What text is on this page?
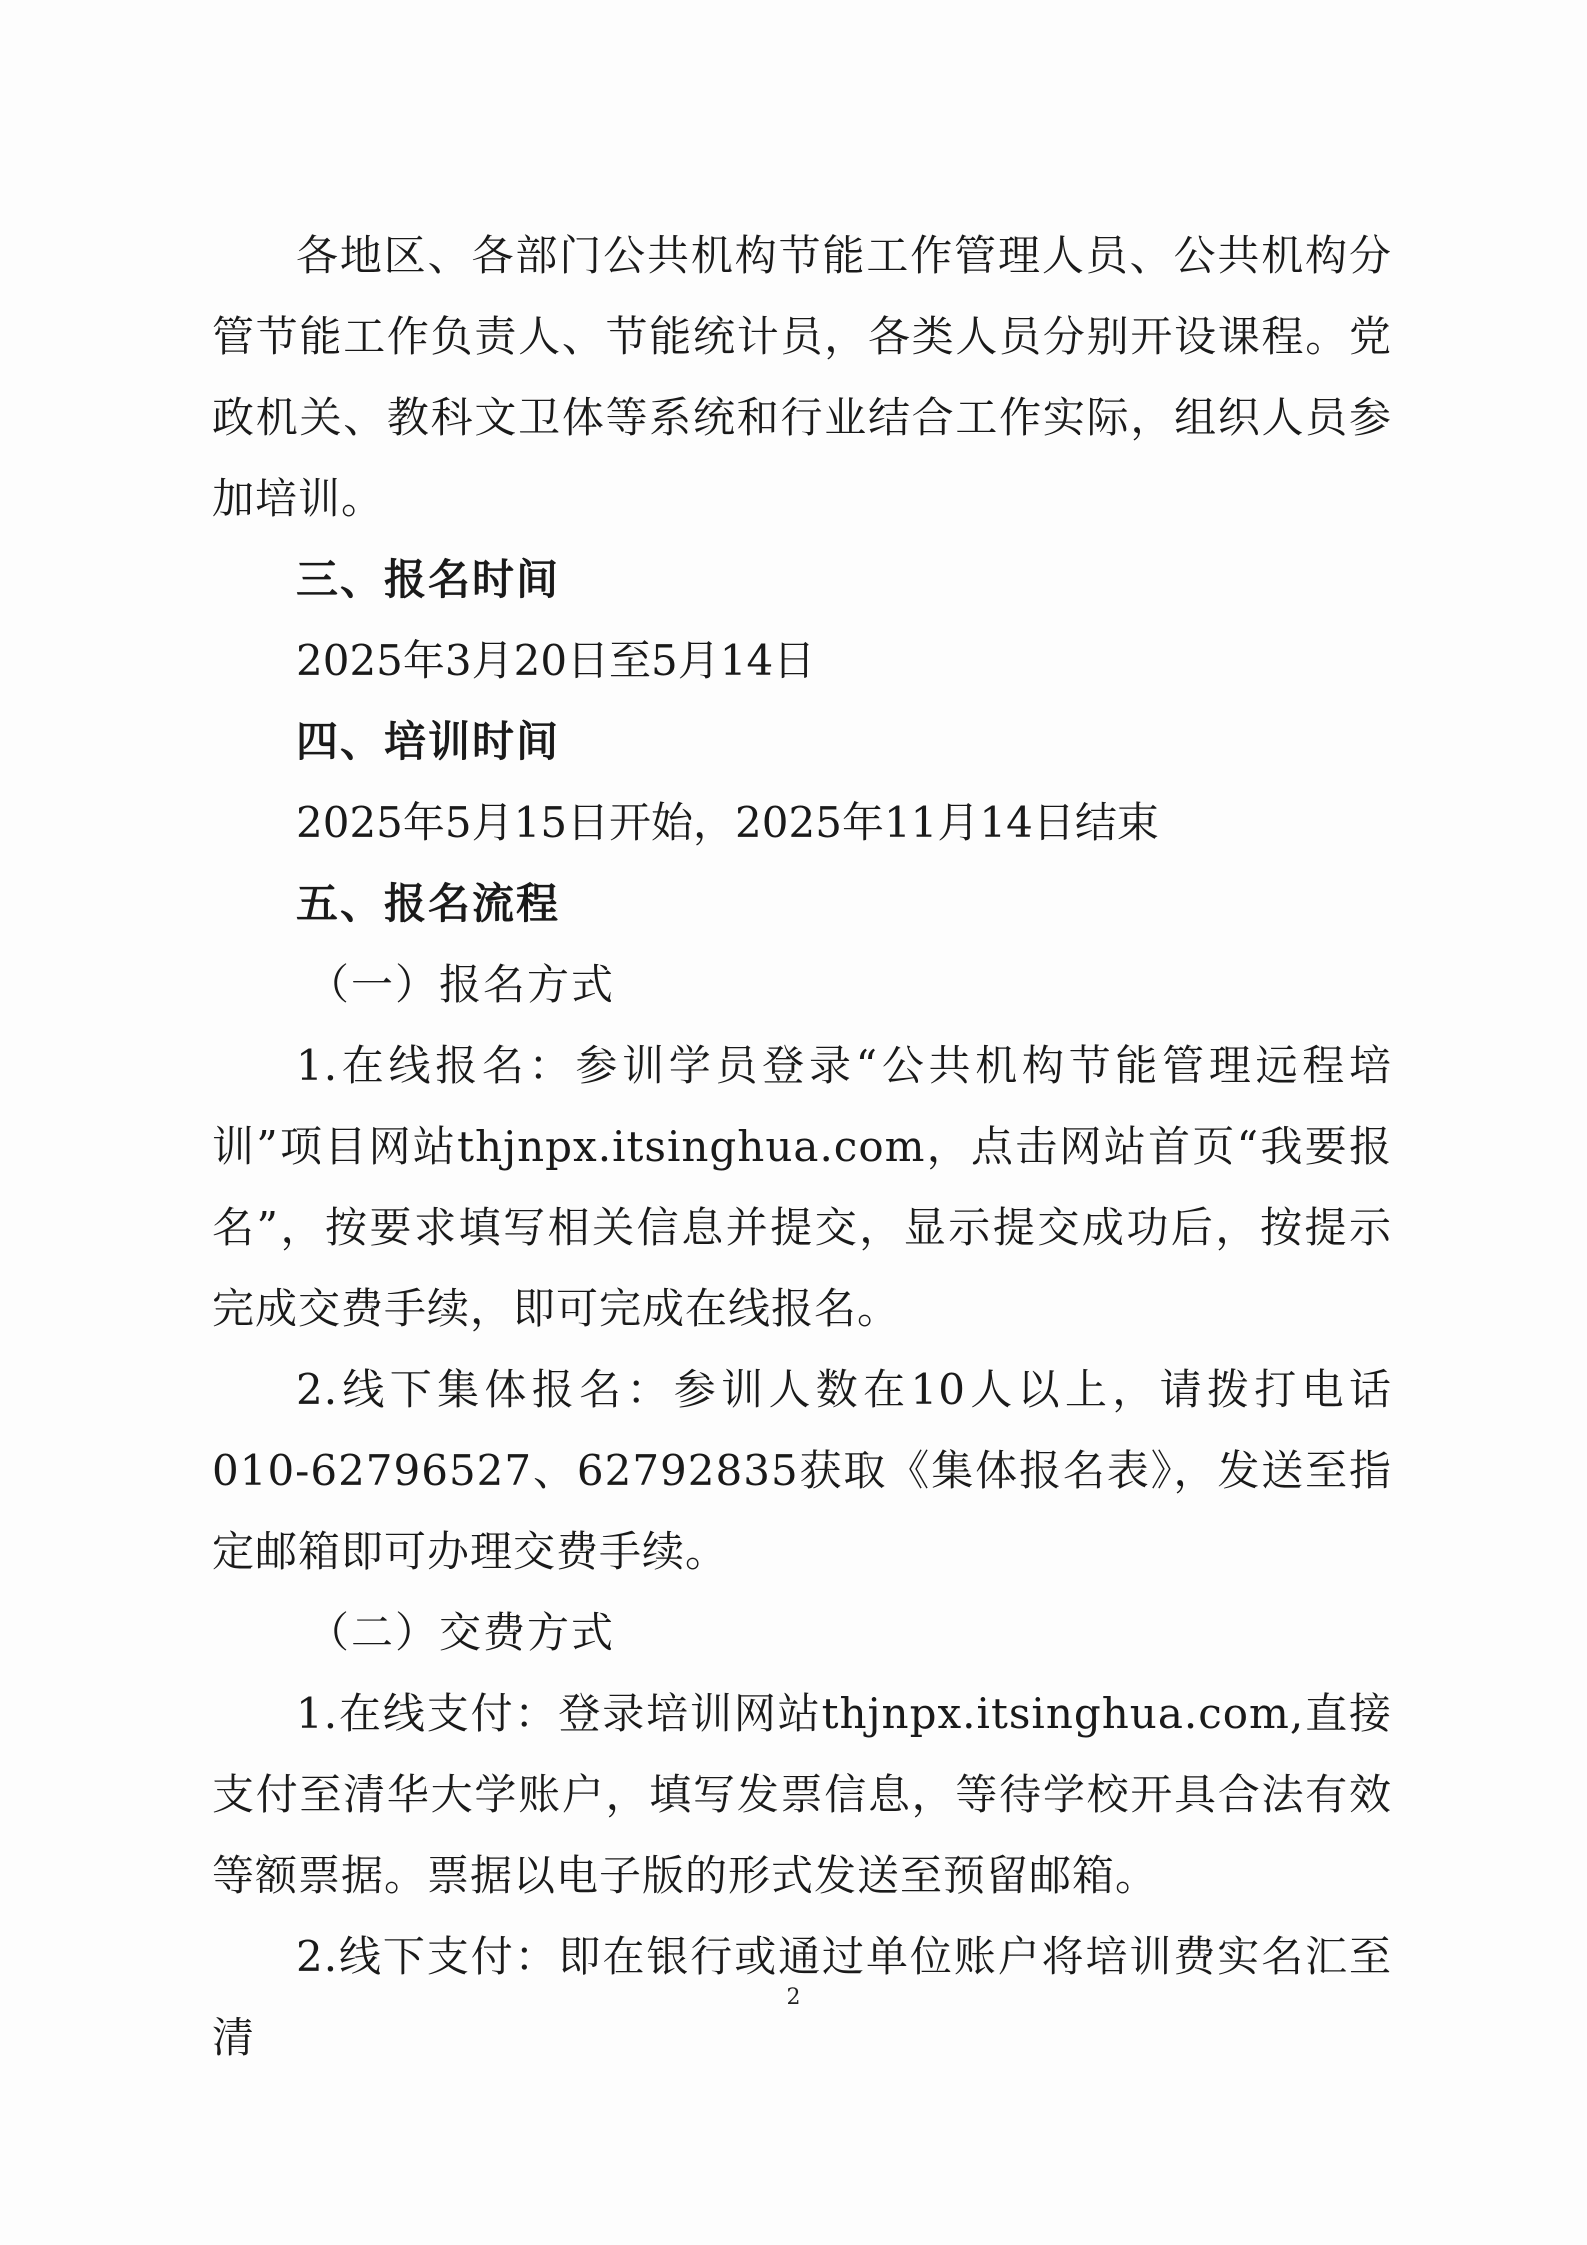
各地区、各部门公共机构节能工作管理人员、公共机构分管节能工作负责人、节能统计员，各类人员分别开设课程。党政机关、教科文卫体等系统和行业结合工作实际，组织人员参加培训。

三、报名时间

2025年3月20日至5月14日

四、培训时间

2025年5月15日开始，2025年11月14日结束

五、报名流程

（一）报名方式

1.在线报名：参训学员登录“公共机构节能管理远程培训”项目网站thjnpx.itsinghua.com，点击网站首页“我要报名”，按要求填写相关信息并提交，显示提交成功后，按提示完成交费手续，即可完成在线报名。

2.线下集体报名：参训人数在10人以上，请拨打电话010-62796527、62792835获取《集体报名表》，发送至指定邮箱即可办理交费手续。

（二）交费方式

1.在线支付：登录培训网站thjnpx.itsinghua.com,直接支付至清华大学账户，填写发票信息，等待学校开具合法有效等额票据。票据以电子版的形式发送至预留邮箱。

2.线下支付：即在银行或通过单位账户将培训费实名汇至清

2
